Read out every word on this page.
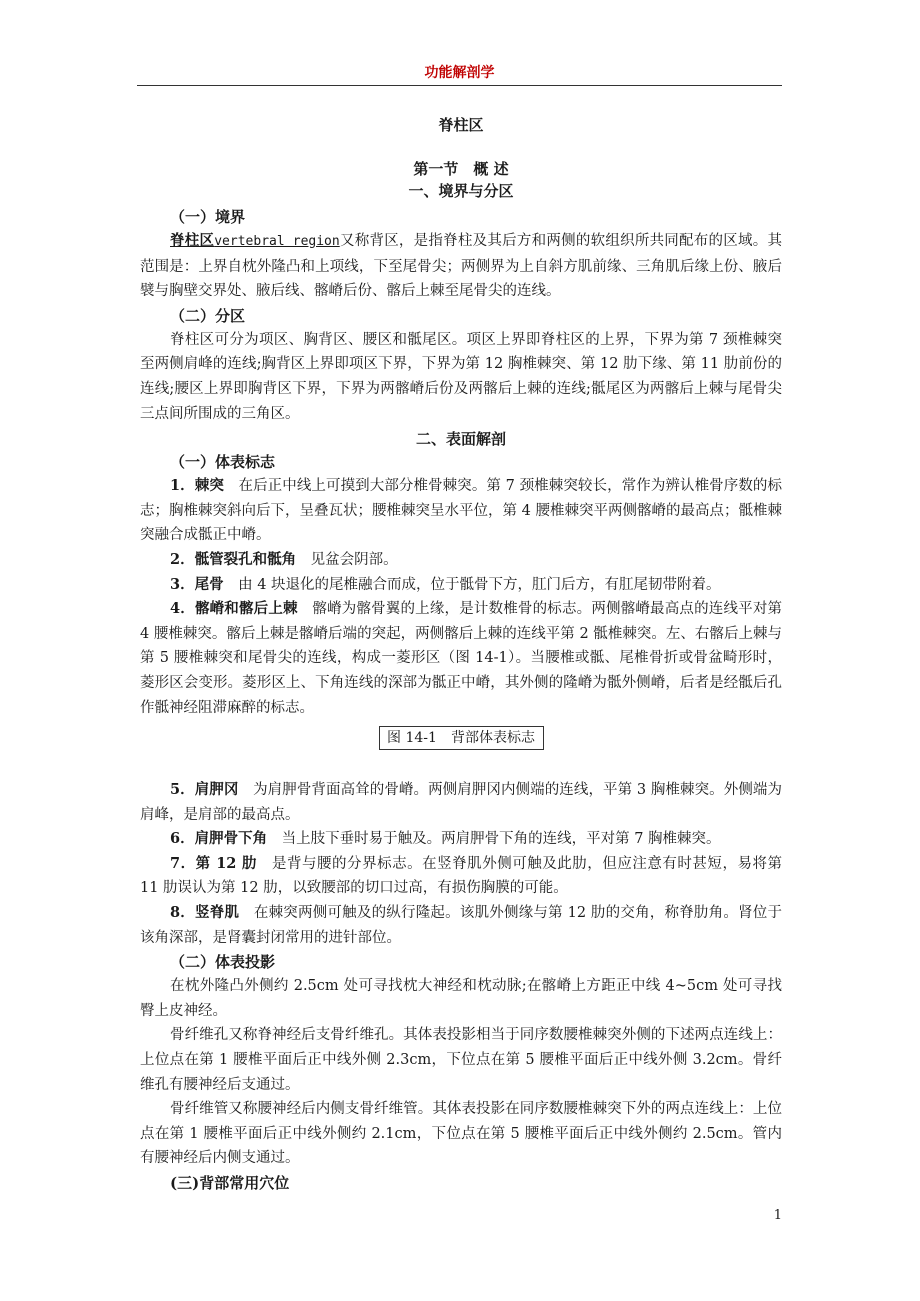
功能解剖学
脊柱区
第一节　概 述
一、境界与分区
（一）境界

脊柱区vertebral region又称背区，是指脊柱及其后方和两侧的软组织所共同配布的区域。其范围是：上界自枕外隆凸和上项线，下至尾骨尖；两侧界为上自斜方肌前缘、三角肌后缘上份、腋后襞与胸壁交界处、腋后线、髂嵴后份、髂后上棘至尾骨尖的连线。

（二）分区

脊柱区可分为项区、胸背区、腰区和骶尾区。项区上界即脊柱区的上界，下界为第 7 颈椎棘突至两侧肩峰的连线;胸背区上界即项区下界，下界为第 12 胸椎棘突、第 12 肋下缘、第 11 肋前份的连线;腰区上界即胸背区下界，下界为两髂嵴后份及两髂后上棘的连线;骶尾区为两髂后上棘与尾骨尖三点间所围成的三角区。

二、表面解剖
（一）体表标志

1．棘突　在后正中线上可摸到大部分椎骨棘突。第 7 颈椎棘突较长，常作为辨认椎骨序数的标志；胸椎棘突斜向后下，呈叠瓦状；腰椎棘突呈水平位，第 4 腰椎棘突平两侧髂嵴的最高点；骶椎棘突融合成骶正中嵴。

2．骶管裂孔和骶角　见盆会阴部。

3．尾骨　由 4 块退化的尾椎融合而成，位于骶骨下方，肛门后方，有肛尾韧带附着。

4．髂嵴和髂后上棘　髂嵴为髂骨翼的上缘，是计数椎骨的标志。两侧髂嵴最高点的连线平对第 4 腰椎棘突。髂后上棘是髂嵴后端的突起，两侧髂后上棘的连线平第 2 骶椎棘突。左、右髂后上棘与第 5 腰椎棘突和尾骨尖的连线，构成一菱形区（图 14-1）。当腰椎或骶、尾椎骨折或骨盆畸形时，菱形区会变形。菱形区上、下角连线的深部为骶正中嵴，其外侧的隆嵴为骶外侧嵴，后者是经骶后孔作骶神经阻滞麻醉的标志。

图 14-1　背部体表标志

5．肩胛冈　为肩胛骨背面高耸的骨嵴。两侧肩胛冈内侧端的连线，平第 3 胸椎棘突。外侧端为肩峰，是肩部的最高点。

6．肩胛骨下角　当上肢下垂时易于触及。两肩胛骨下角的连线，平对第 7 胸椎棘突。

7．第 12 肋　是背与腰的分界标志。在竖脊肌外侧可触及此肋，但应注意有时甚短，易将第 11 肋误认为第 12 肋，以致腰部的切口过高，有损伤胸膜的可能。

8．竖脊肌　在棘突两侧可触及的纵行隆起。该肌外侧缘与第 12 肋的交角，称脊肋角。肾位于该角深部，是肾囊封闭常用的进针部位。

（二）体表投影

在枕外隆凸外侧约 2.5cm 处可寻找枕大神经和枕动脉;在髂嵴上方距正中线 4~5cm 处可寻找臀上皮神经。

骨纤维孔又称脊神经后支骨纤维孔。其体表投影相当于同序数腰椎棘突外侧的下述两点连线上：上位点在第 1 腰椎平面后正中线外侧 2.3cm，下位点在第 5 腰椎平面后正中线外侧 3.2cm。骨纤维孔有腰神经后支通过。

骨纤维管又称腰神经后内侧支骨纤维管。其体表投影在同序数腰椎棘突下外的两点连线上：上位点在第 1 腰椎平面后正中线外侧约 2.1cm，下位点在第 5 腰椎平面后正中线外侧约 2.5cm。管内有腰神经后内侧支通过。

(三)背部常用穴位
1
